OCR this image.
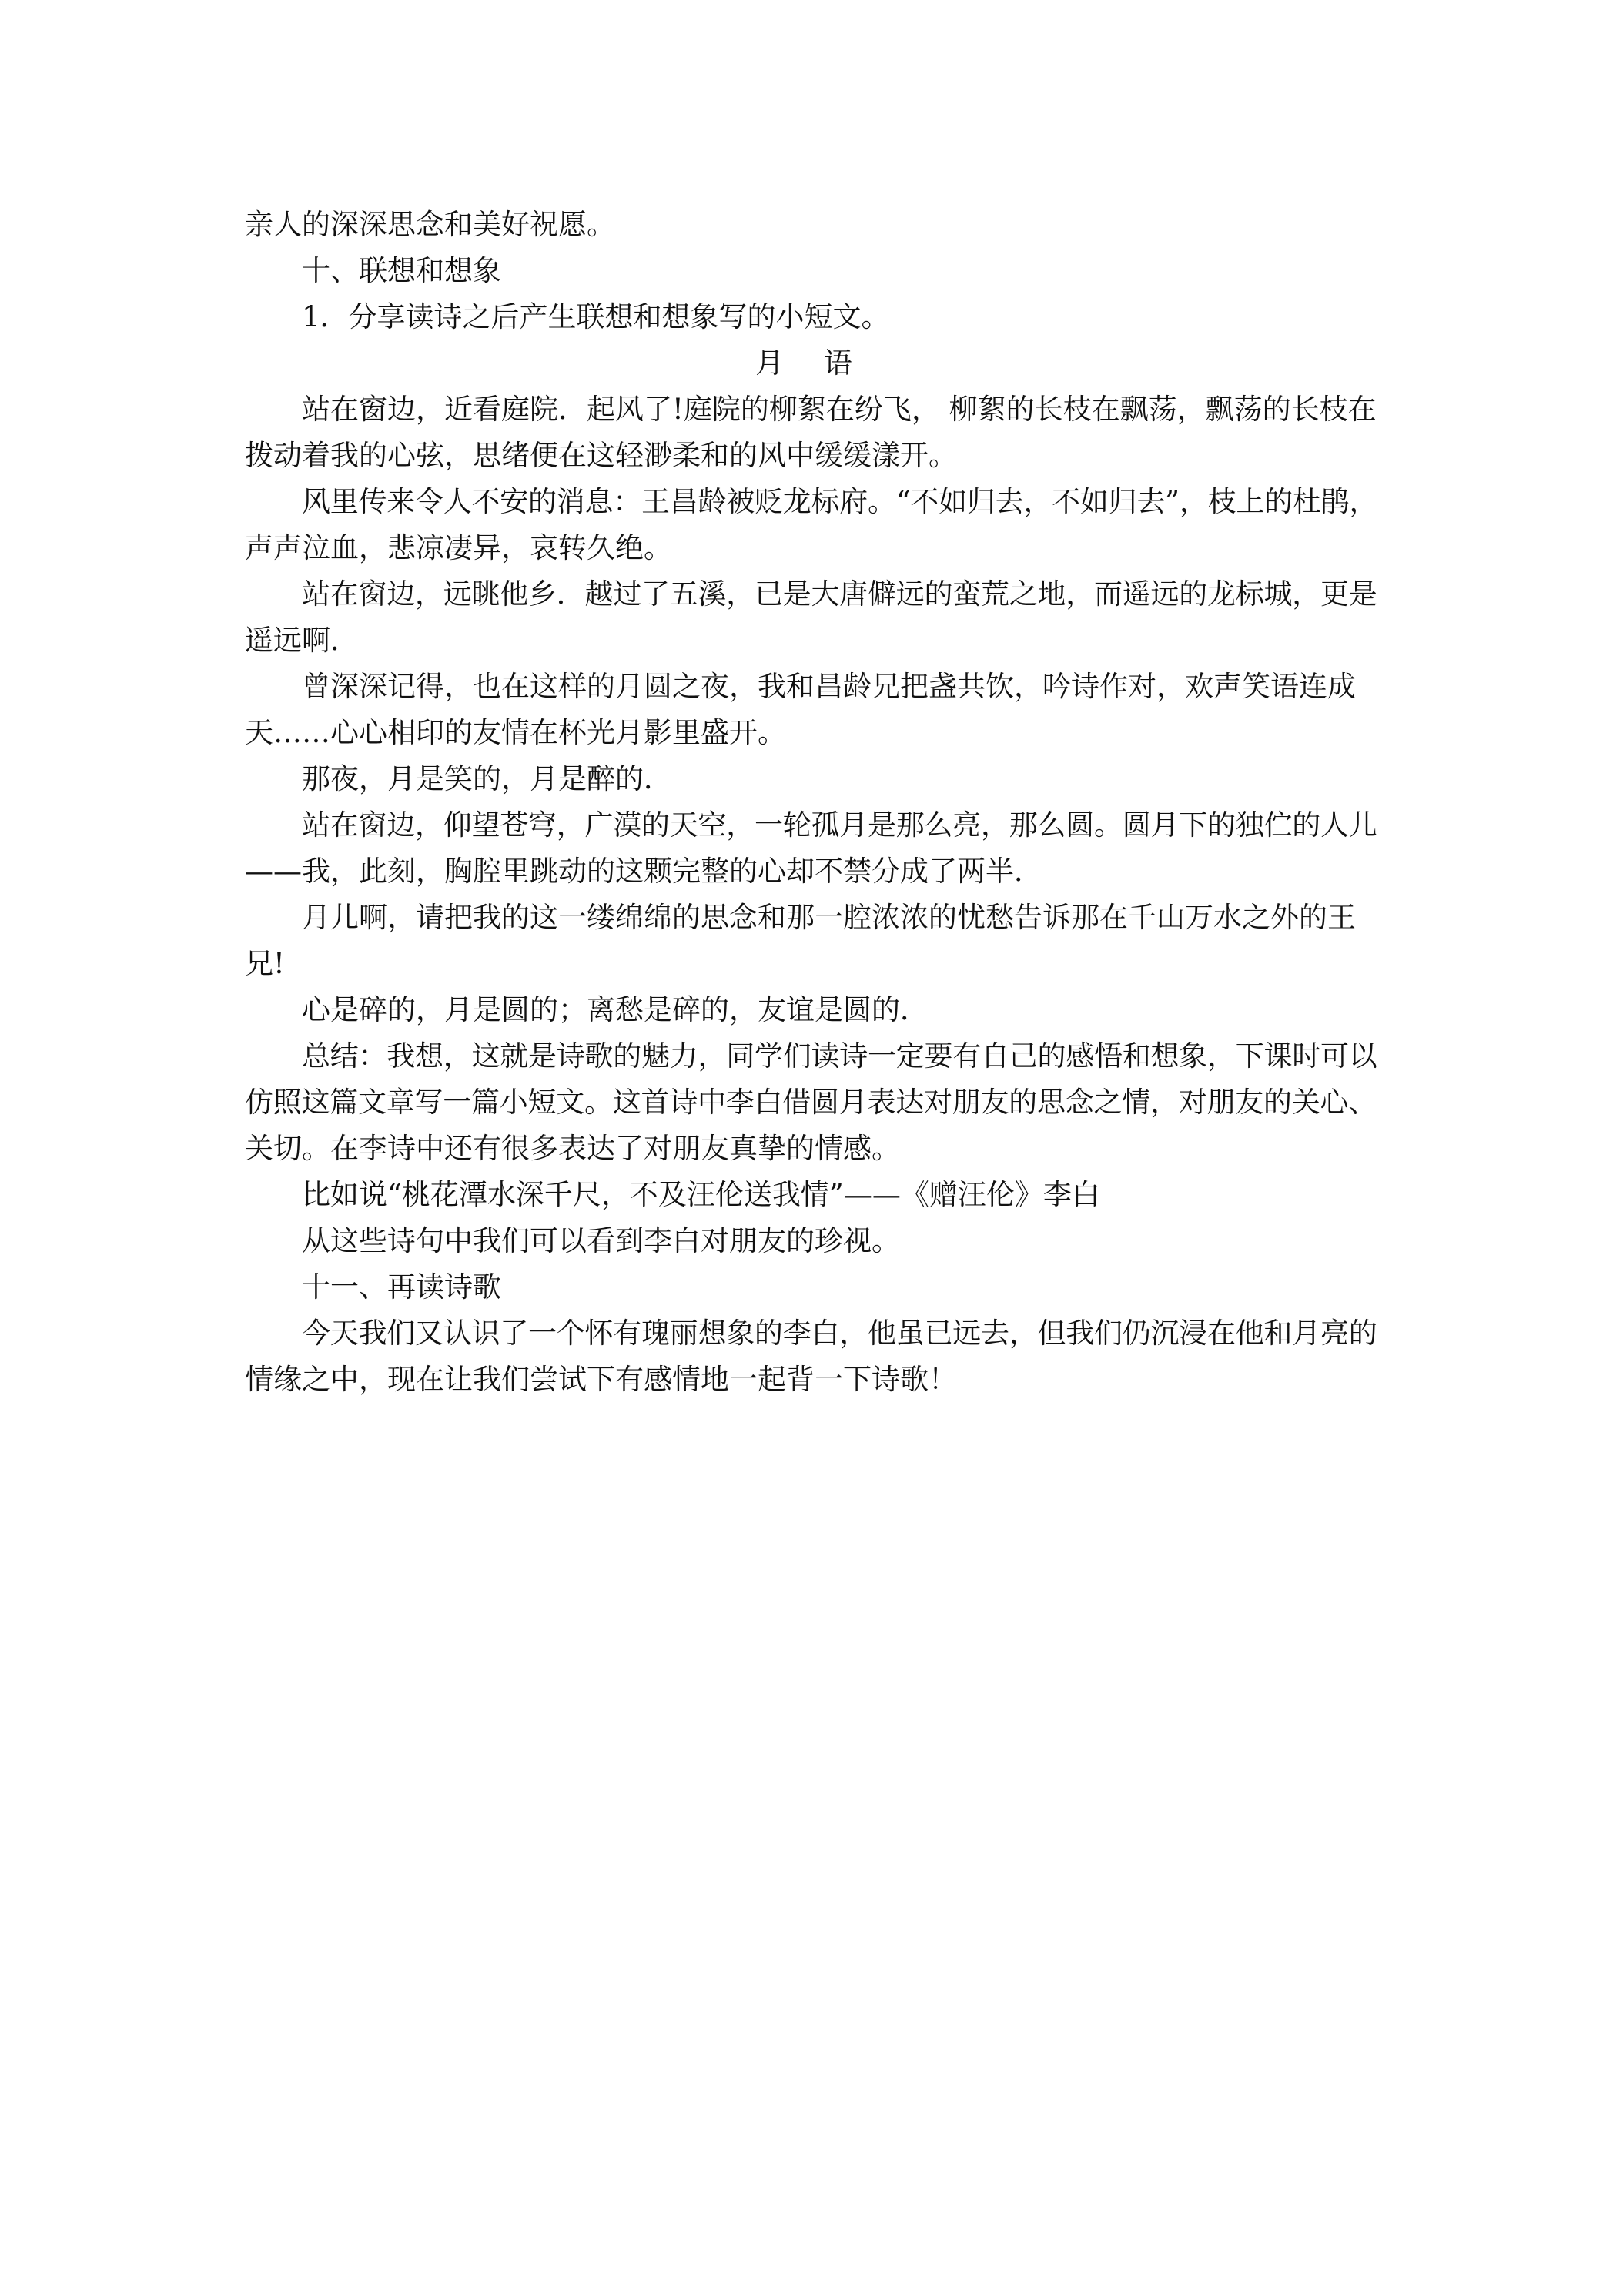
亲人的深深思念和美好祝愿。

十、联想和想象

1．分享读诗之后产生联想和想象写的小短文。

月 语

站在窗边，近看庭院．起风了!庭院的柳絮在纷飞， 柳絮的长枝在飘荡，飘荡的长枝在

拨动着我的心弦，思绪便在这轻渺柔和的风中缓缓漾开。

风里传来令人不安的消息：王昌龄被贬龙标府。“不如归去，不如归去”，枝上的杜鹃，

声声泣血，悲凉凄异，哀转久绝。

站在窗边，远眺他乡．越过了五溪，已是大唐僻远的蛮荒之地，而遥远的龙标城，更是

遥远啊．

曾深深记得，也在这样的月圆之夜，我和昌龄兄把盏共饮，吟诗作对，欢声笑语连成

天……心心相印的友情在杯光月影里盛开。

那夜，月是笑的，月是醉的．

站在窗边，仰望苍穹，广漠的天空，一轮孤月是那么亮，那么圆。圆月下的独伫的人儿

——我，此刻，胸腔里跳动的这颗完整的心却不禁分成了两半．

月儿啊，请把我的这一缕绵绵的思念和那一腔浓浓的忧愁告诉那在千山万水之外的王

兄!

心是碎的，月是圆的；离愁是碎的，友谊是圆的．

总结：我想，这就是诗歌的魅力，同学们读诗一定要有自己的感悟和想象，下课时可以

仿照这篇文章写一篇小短文。这首诗中李白借圆月表达对朋友的思念之情，对朋友的关心、

关切。在李诗中还有很多表达了对朋友真挚的情感。

比如说“桃花潭水深千尺，不及汪伦送我情”——《赠汪伦》李白

从这些诗句中我们可以看到李白对朋友的珍视。

十一、再读诗歌

今天我们又认识了一个怀有瑰丽想象的李白，他虽已远去，但我们仍沉浸在他和月亮的

情缘之中，现在让我们尝试下有感情地一起背一下诗歌！
